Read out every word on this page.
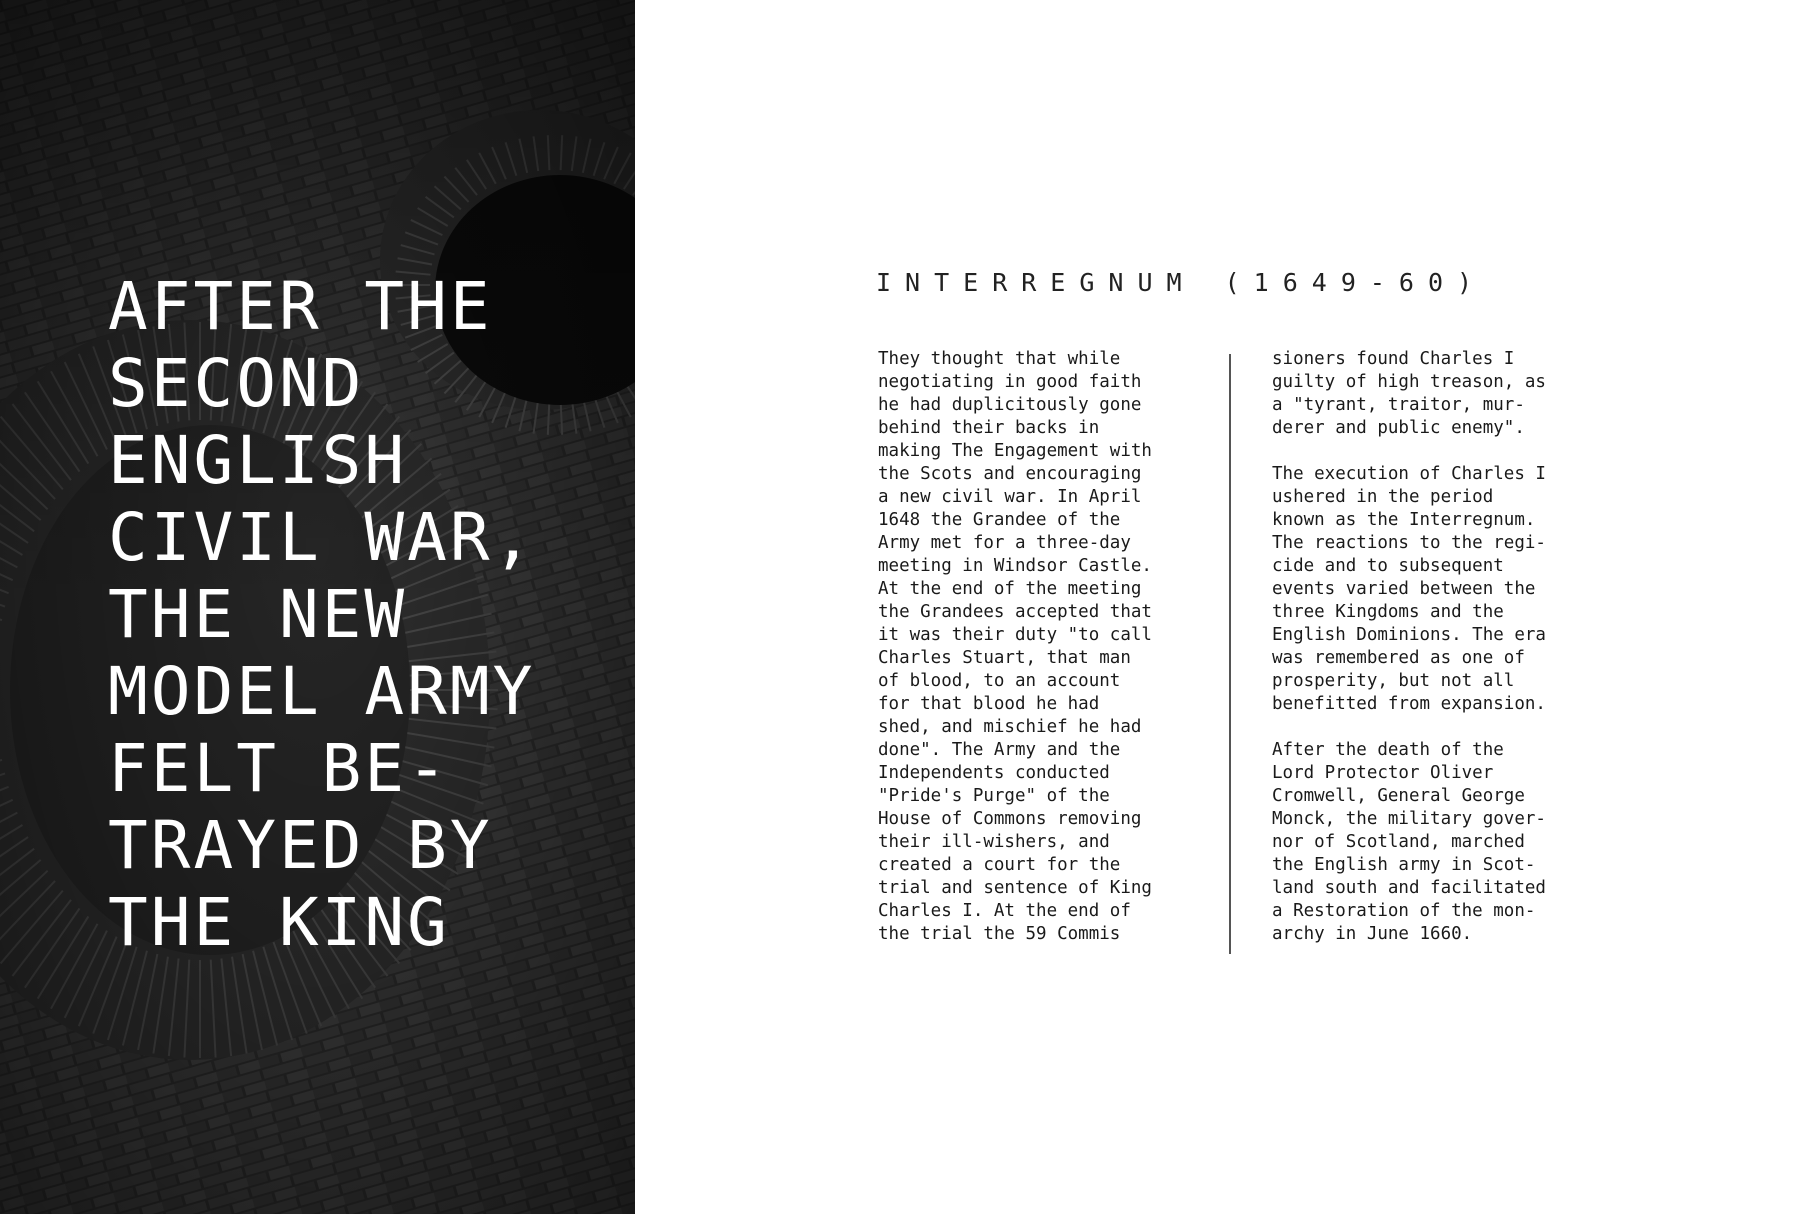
AFTER THE
SECOND
ENGLISH
CIVIL WAR,
THE NEW
MODEL ARMY
FELT BE-
TRAYED BY
THE KING
INTERREGNUM (1649-60)

They thought that while
negotiating in good faith
he had duplicitously gone
behind their backs in
making The Engagement with
the Scots and encouraging
a new civil war. In April
1648 the Grandee of the
Army met for a three-day
meeting in Windsor Castle.
At the end of the meeting
the Grandees accepted that
it was their duty "to call
Charles Stuart, that man
of blood, to an account
for that blood he had
shed, and mischief he had
done". The Army and the
Independents conducted
"Pride's Purge" of the
House of Commons removing
their ill-wishers, and
created a court for the
trial and sentence of King
Charles I. At the end of
the trial the 59 Commis

sioners found Charles I
guilty of high treason, as
a "tyrant, traitor, mur-
derer and public enemy".

The execution of Charles I
ushered in the period
known as the Interregnum.
The reactions to the regi-
cide and to subsequent
events varied between the
three Kingdoms and the
English Dominions. The era
was remembered as one of
prosperity, but not all
benefitted from expansion.

After the death of the
Lord Protector Oliver
Cromwell, General George
Monck, the military gover-
nor of Scotland, marched
the English army in Scot-
land south and facilitated
a Restoration of the mon-
archy in June 1660.
